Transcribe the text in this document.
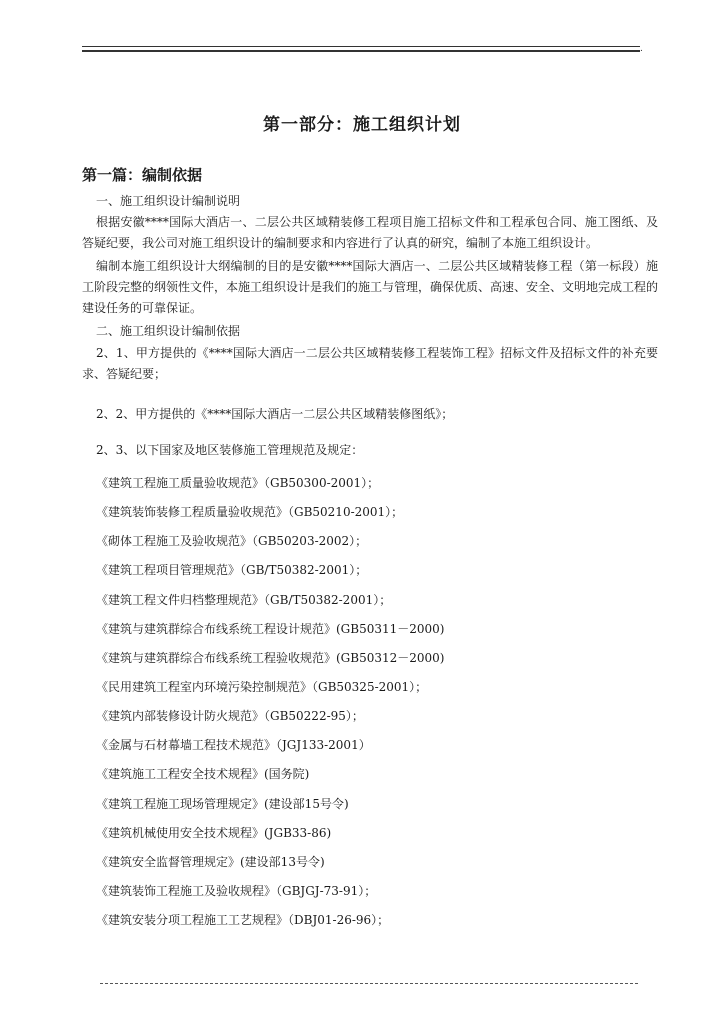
.
第一部分：施工组织计划
第一篇：编制依据

一、施工组织设计编制说明

根据安徽****国际大酒店一、二层公共区域精装修工程项目施工招标文件和工程承包合同、施工图纸、及答疑纪要，我公司对施工组织设计的编制要求和内容进行了认真的研究，编制了本施工组织设计。

编制本施工组织设计大纲编制的目的是安徽****国际大酒店一、二层公共区域精装修工程（第一标段）施工阶段完整的纲领性文件，本施工组织设计是我们的施工与管理，确保优质、高速、安全、文明地完成工程的建设任务的可靠保证。

二、施工组织设计编制依据

2、1、甲方提供的《****国际大酒店一二层公共区域精装修工程装饰工程》招标文件及招标文件的补充要求、答疑纪要；

2、2、甲方提供的《****国际大酒店一二层公共区域精装修图纸》；

2、3、以下国家及地区装修施工管理规范及规定：

《建筑工程施工质量验收规范》（GB50300-2001）；

《建筑装饰装修工程质量验收规范》（GB50210-2001）；

《砌体工程施工及验收规范》（GB50203-2002）；

《建筑工程项目管理规范》（GB/T50382-2001）；

《建筑工程文件归档整理规范》（GB/T50382-2001）；

《建筑与建筑群综合布线系统工程设计规范》(GB50311－2000)

《建筑与建筑群综合布线系统工程验收规范》(GB50312－2000)

《民用建筑工程室内环境污染控制规范》（GB50325-2001）；

《建筑内部装修设计防火规范》（GB50222-95）；

《金属与石材幕墙工程技术规范》（JGJ133-2001）

《建筑施工工程安全技术规程》(国务院)

《建筑工程施工现场管理规定》(建设部15号令)

《建筑机械使用安全技术规程》(JGB33-86)

《建筑安全监督管理规定》(建设部13号令)

《建筑装饰工程施工及验收规程》（GBJGJ-73-91）；

《建筑安装分项工程施工工艺规程》（DBJ01-26-96）；
